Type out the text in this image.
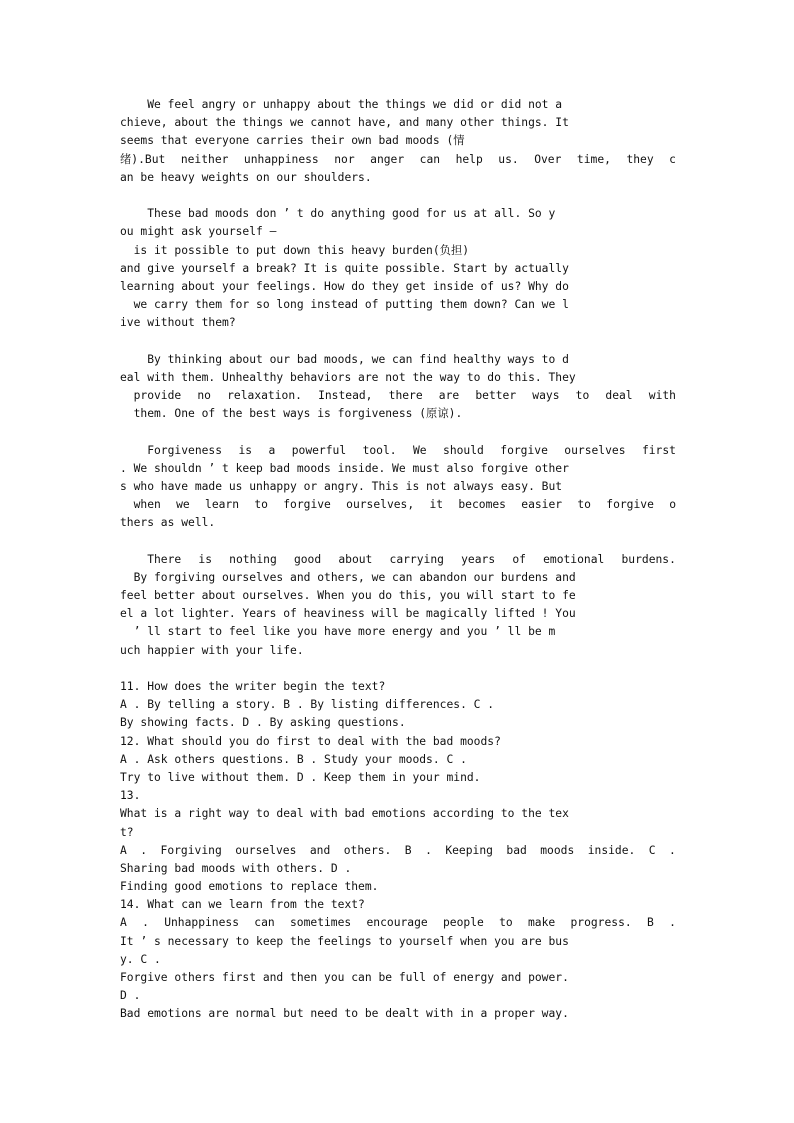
We feel angry or unhappy about the things we did or did not a
chieve, about the things we cannot have, and many other things. It
seems that everyone carries their own bad moods (情
绪).But neither unhappiness nor anger can help us. Over time, they c
an be heavy weights on our shoulders.
These bad moods don ’ t do anything good for us at all. So y
ou might ask yourself —
is it possible to put down this heavy burden(负担)
and give yourself a break? It is quite possible. Start by actually
learning about your feelings. How do they get inside of us? Why do
we carry them for so long instead of putting them down? Can we l
ive without them?
By thinking about our bad moods, we can find healthy ways to d
eal with them. Unhealthy behaviors are not the way to do this. They
provide no relaxation. Instead, there are better ways to deal with
them. One of the best ways is forgiveness (原谅).
Forgiveness is a powerful tool. We should forgive ourselves first
. We shouldn ’ t keep bad moods inside. We must also forgive other
s who have made us unhappy or angry. This is not always easy. But
when we learn to forgive ourselves, it becomes easier to forgive o
thers as well.
There is nothing good about carrying years of emotional burdens.
By forgiving ourselves and others, we can abandon our burdens and
feel better about ourselves. When you do this, you will start to fe
el a lot lighter. Years of heaviness will be magically lifted ! You
’ ll start to feel like you have more energy and you ’ ll be m
uch happier with your life.
11. How does the writer begin the text?
A . By telling a story. B . By listing differences. C .
By showing facts. D . By asking questions.
12. What should you do first to deal with the bad moods?
A . Ask others questions. B . Study your moods. C .
Try to live without them. D . Keep them in your mind.
13.
What is a right way to deal with bad emotions according to the tex
t?
A . Forgiving ourselves and others. B . Keeping bad moods inside. C .
Sharing bad moods with others. D .
Finding good emotions to replace them.
14. What can we learn from the text?
A . Unhappiness can sometimes encourage people to make progress. B .
It ’ s necessary to keep the feelings to yourself when you are bus
y. C .
Forgive others first and then you can be full of energy and power.
D .
Bad emotions are normal but need to be dealt with in a proper way.
